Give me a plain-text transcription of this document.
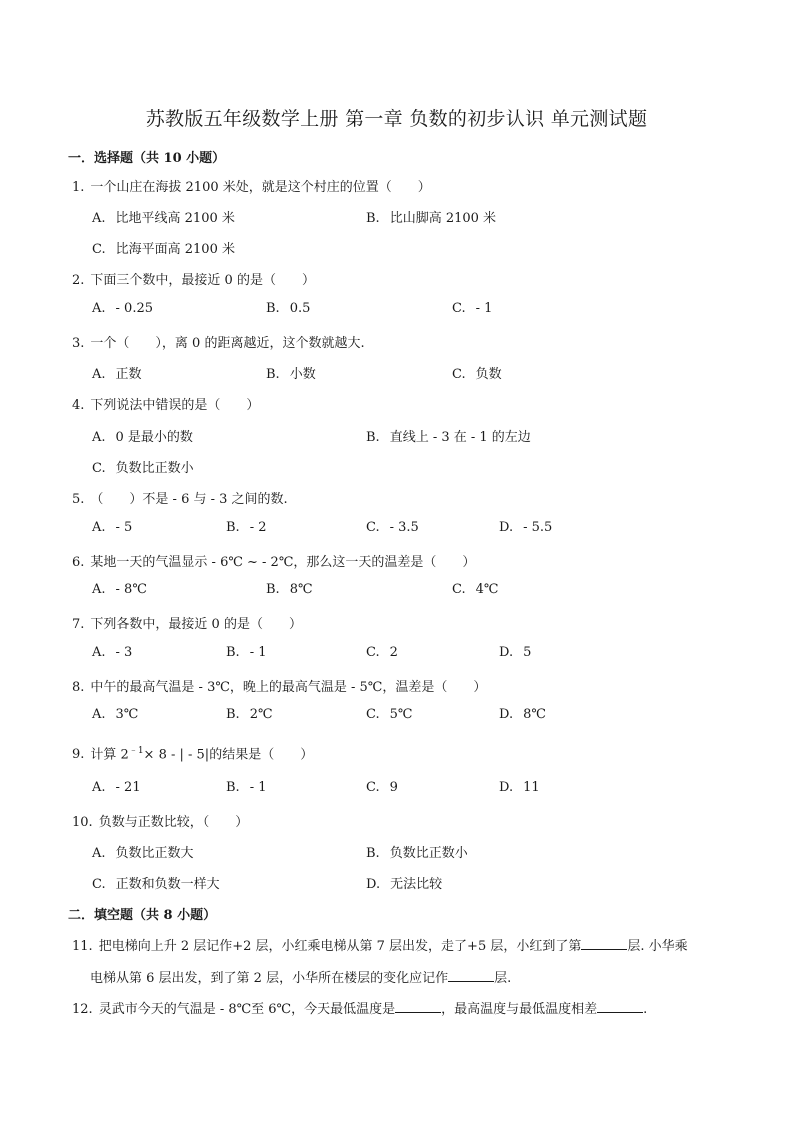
苏教版五年级数学上册 第一章 负数的初步认识 单元测试题
一．选择题（共 10 小题）
1. 一个山庄在海拔 2100 米处，就是这个村庄的位置（　　）
A. 比地平线高 2100 米	B. 比山脚高 2100 米
C. 比海平面高 2100 米
2. 下面三个数中，最接近 0 的是（　　）
A. - 0.25	B. 0.5	C. - 1
3. 一个（　　），离 0 的距离越近，这个数就越大.
A. 正数	B. 小数	C. 负数
4. 下列说法中错误的是（　　）
A. 0 是最小的数	B. 直线上 - 3 在 - 1 的左边
C. 负数比正数小
5. （　　）不是 - 6 与 - 3 之间的数.
A. - 5	B. - 2	C. - 3.5	D. - 5.5
6. 某地一天的气温显示 - 6℃ ~ - 2℃，那么这一天的温差是（　　）
A. - 8℃	B. 8℃	C. 4℃
7. 下列各数中，最接近 0 的是（　　）
A. - 3	B. - 1	C. 2	D. 5
8. 中午的最高气温是 - 3℃，晚上的最高气温是 - 5℃，温差是（　　）
A. 3℃	B. 2℃	C. 5℃	D. 8℃
9. 计算 $2^{﹣1}\times 8$ - | - 5|的结果是（　　）
A. - 21	B. - 1	C. 9	D. 11
10. 负数与正数比较，（　　）
A. 负数比正数大	B. 负数比正数小
C. 正数和负数一样大	D. 无法比较
二．填空题（共 8 小题）
11. 把电梯向上升 2 层记作+2 层，小红乘电梯从第 7 层出发，走了+5 层，小红到了第	层. 小华乘
电梯从第 6 层出发，到了第 2 层，小华所在楼层的变化应记作	层.
12. 灵武市今天的气温是 - 8℃至 6℃，今天最低温度是	，最高温度与最低温度相差	.
